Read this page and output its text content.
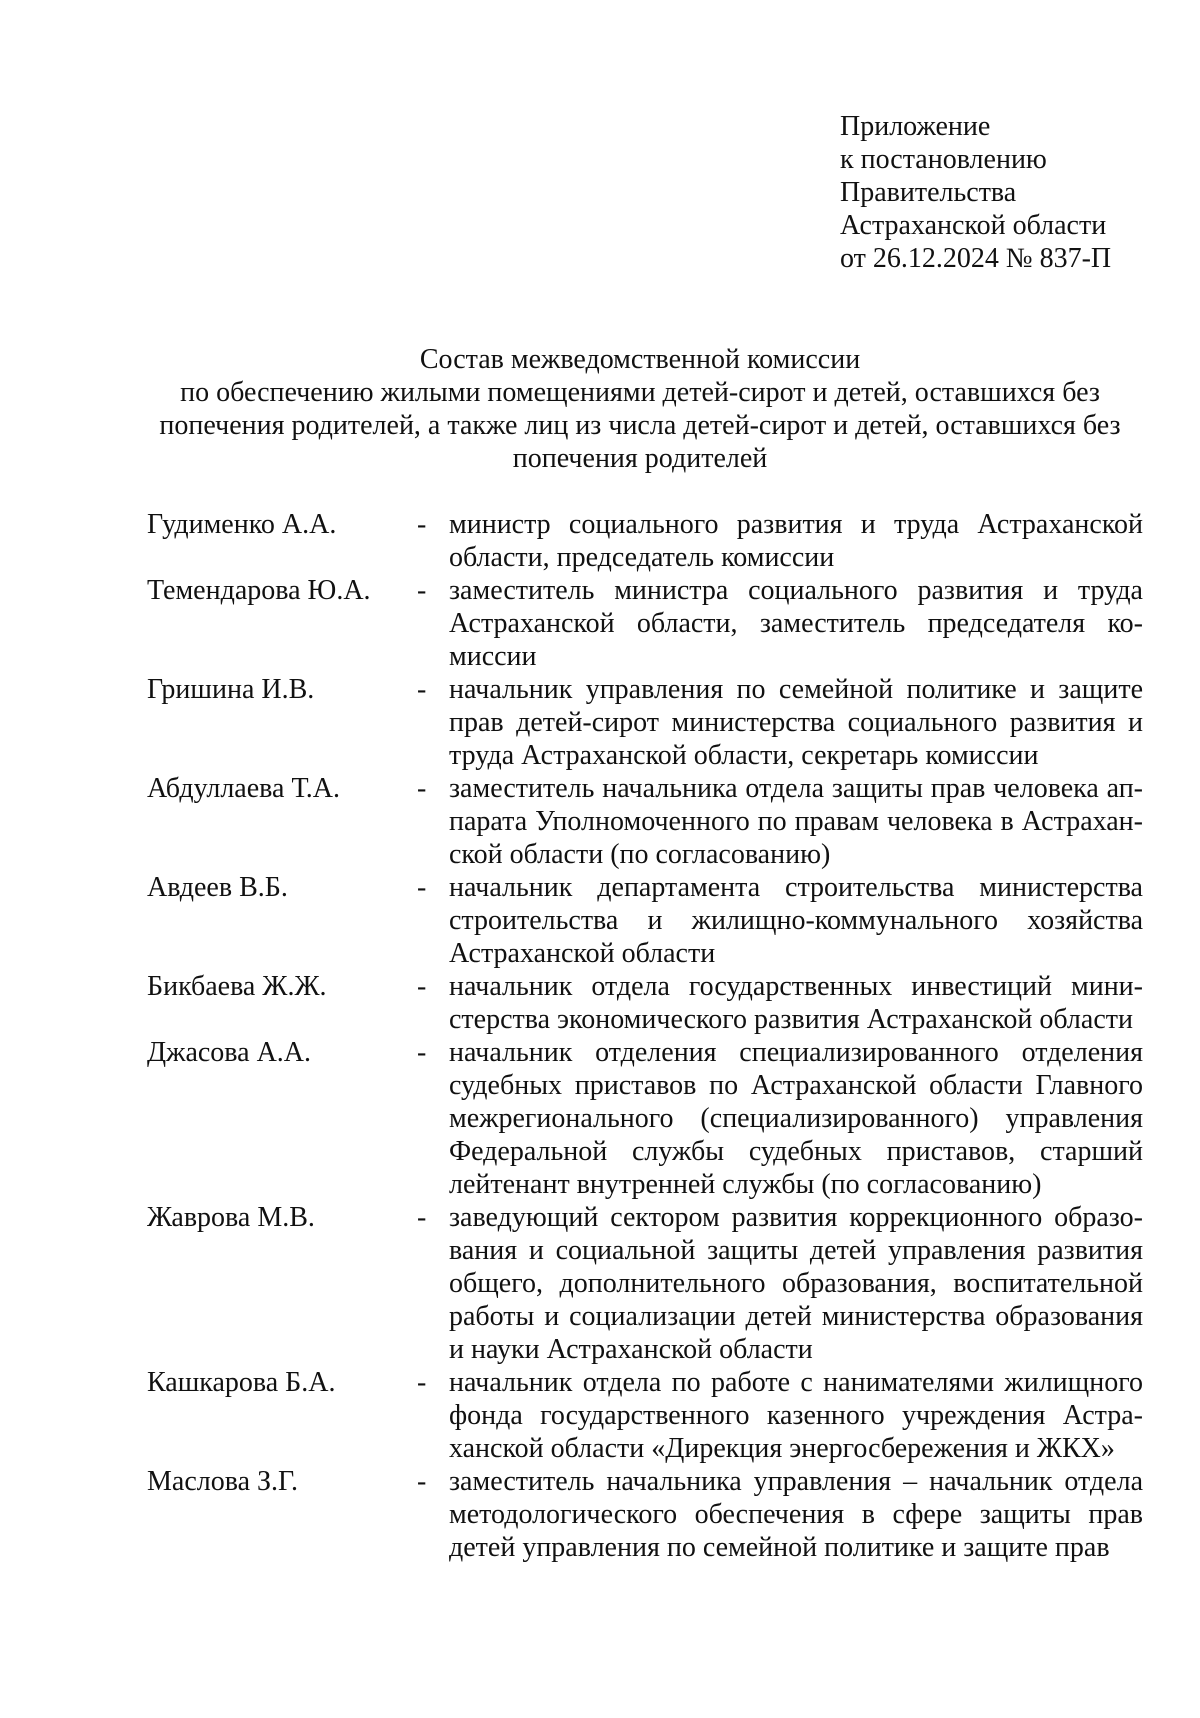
Приложение
к постановлению
Правительства
Астраханской области
от 26.12.2024 № 837-П
Состав межведомственной комиссии
по обеспечению жилыми помещениями детей-сирот и детей, оставшихся без
попечения родителей, а также лиц из числа детей-сирот и детей, оставшихся без
попечения родителей
Гудименко А.А.	- министр социального развития и труда Астраханской области, председатель комиссии
Темендарова Ю.А.	- заместитель министра социального развития и труда Астраханской области, заместитель председателя комиссии
Гришина И.В.	- начальник управления по семейной политике и защите прав детей-сирот министерства социального развития и труда Астраханской области, секретарь комиссии
Абдуллаева Т.А.	- заместитель начальника отдела защиты прав человека аппарата Уполномоченного по правам человека в Астраханской области (по согласованию)
Авдеев В.Б.	- начальник департамента строительства министерства строительства и жилищно-коммунального хозяйства Астраханской области
Бикбаева Ж.Ж.	- начальник отдела государственных инвестиций министерства экономического развития Астраханской области
Джасова А.А.	- начальник отделения специализированного отделения судебных приставов по Астраханской области Главного межрегионального (специализированного) управления Федеральной службы судебных приставов, старший лейтенант внутренней службы (по согласованию)
Жаврова М.В.	- заведующий сектором развития коррекционного образования и социальной защиты детей управления развития общего, дополнительного образования, воспитательной работы и социализации детей министерства образования и науки Астраханской области
Кашкарова Б.А.	- начальник отдела по работе с нанимателями жилищного фонда государственного казенного учреждения Астраханской области «Дирекция энергосбережения и ЖКХ»
Маслова З.Г.	- заместитель начальника управления – начальник отдела методологического обеспечения в сфере защиты прав детей управления по семейной политике и защите прав
